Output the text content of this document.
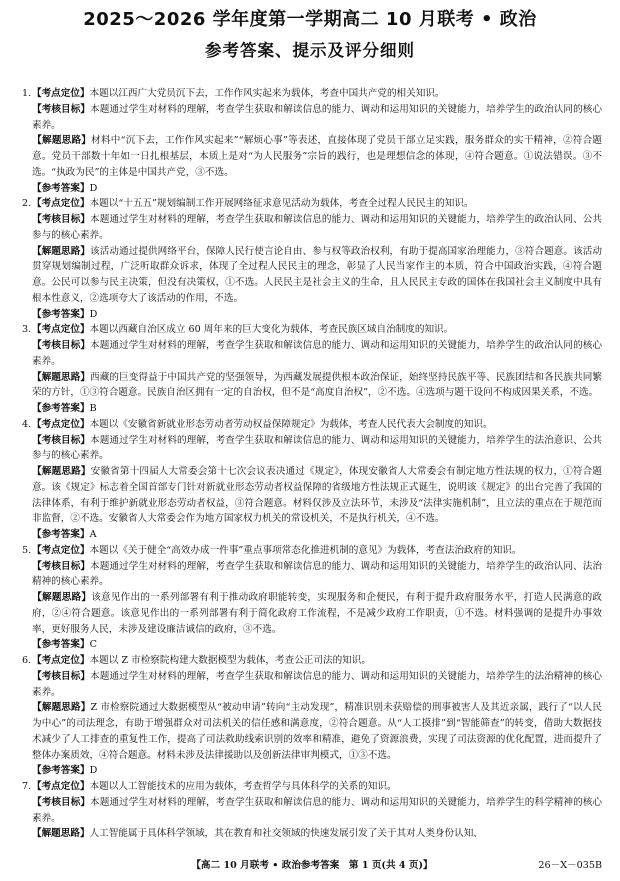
2025～2026 学年度第一学期高二 10 月联考 • 政治
参考答案、提示及评分细则

1.【考点定位】本题以江西广大党员沉下去，工作作风实起来为载体，考查中国共产党的相关知识。

【考核目标】本题通过学生对材料的理解，考查学生获取和解读信息的能力、调动和运用知识的关键能力，培养学生的政治认同的核心素养。

【解题思路】材料中“沉下去，工作作风实起来”“解烦心事”等表述，直接体现了党员干部立足实践，服务群众的实干精神，②符合题意。党员干部数十年如一日扎根基层，本质上是对“为人民服务”宗旨的践行，也是理想信念的体现，④符合题意。①说法错误。③不选。“执政为民”的主体是中国共产党，③不选。

【参考答案】D

2.【考点定位】本题以“十五五”规划编制工作开展网络征求意见活动为载体，考查全过程人民民主的知识。

【考核目标】本题通过学生对材料的理解，考查学生获取和解读信息的能力、调动和运用知识的关键能力，培养学生的政治认同、公共参与的核心素养。

【解题思路】该活动通过提供网络平台，保障人民行使言论自由、参与权等政治权利，有助于提高国家治理能力，③符合题意。该活动贯穿规划编制过程，广泛听取群众诉求，体现了全过程人民民主的理念，彰显了人民当家作主的本质，符合中国政治实践，④符合题意。公民可以参与民主决策，但没有决策权，①不选。人民民主是社会主义的生命，且人民民主专政的国体在我国社会主义制度中具有根本性意义，②选项夸大了该活动的作用，不选。

【参考答案】D

3.【考点定位】本题以西藏自治区成立 60 周年来的巨大变化为载体，考查民族区域自治制度的知识。

【考核目标】本题通过学生对材料的理解，考查学生获取和解读信息的能力、调动和运用知识的关键能力，培养学生的政治认同的核心素养。

【解题思路】西藏的巨变得益于中国共产党的坚强领导，为西藏发展提供根本政治保证，始终坚持民族平等、民族团结和各民族共同繁荣的方针，①③符合题意。民族自治区拥有一定的自治权，但不是“高度自治权”，②不选。④选项与题干设问不构成因果关系，不选。

【参考答案】B

4.【考点定位】本题以《安徽省新就业形态劳动者劳动权益保障规定》为载体，考查人民代表大会制度的知识。

【考核目标】本题通过学生对材料的理解，考查学生获取和解读信息的能力、调动和运用知识的关键能力，培养学生的法治意识、公共参与的核心素养。

【解题思路】安徽省第十四届人大常委会第十七次会议表决通过《规定》，体现安徽省人大常委会有制定地方性法规的权力，①符合题意。该《规定》标志着全国首部专门针对新就业形态劳动者权益保障的省级地方性法规正式诞生，说明该《规定》的出台完善了我国的法律体系，有利于维护新就业形态劳动者权益，③符合题意。材料仅涉及立法环节，未涉及“法律实施机制”，且立法的重点在于规范而非监督，②不选。安徽省人大常委会作为地方国家权力机关的常设机关，不是执行机关，④不选。

【参考答案】A

5.【考点定位】本题以《关于健全“高效办成一件事”重点事项常态化推进机制的意见》为载体，考查法治政府的知识。

【考核目标】本题通过学生对材料的理解，考查学生获取和解读信息的能力、调动和运用知识的关键能力，培养学生的政治认同、法治精神的核心素养。

【解题思路】该意见作出的一系列部署有利于推动政府职能转变，实现服务和企便民，有利于提升政府服务水平，打造人民满意的政府，②④符合题意。该意见作出的一系列部署有利于简化政府工作流程，不是减少政府工作职责，①不选。材料强调的是提升办事效率，更好服务人民，未涉及建设廉洁诚信的政府，③不选。

【参考答案】C

6.【考点定位】本题以 Z 市检察院构建大数据模型为载体，考查公正司法的知识。

【考核目标】本题通过学生对材料的理解，考查学生获取和解读信息的能力、调动和运用知识的关键能力，培养学生的法治精神的核心素养。

【解题思路】Z 市检察院通过大数据模型从“被动申请”转向“主动发现”，精准识别未获赔偿的刑事被害人及其近亲属，践行了“以人民为中心”的司法理念，有助于增强群众对司法机关的信任感和满意度，②符合题意。从“人工摸排”到“智能筛查”的转变，借助大数据技术减少了人工排查的重复性工作，提高了司法救助线索识别的效率和精准，避免了资源浪费，实现了司法资源的优化配置，进而提升了整体办案质效，④符合题意。材料未涉及法律援助以及创新法律审判模式，①③不选。

【参考答案】D

7.【考点定位】本题以人工智能技术的应用为载体，考查哲学与具体科学的关系的知识。

【考核目标】本题通过学生对材料的理解，考查学生获取和解读信息的能力、调动和运用知识的关键能力，培养学生的科学精神的核心素养。

【解题思路】人工智能属于具体科学领域，其在教育和社交领域的快速发展引发了关于其对人类身份认知、

【高二 10 月联考 • 政治参考答案　第 1 页(共 4 页)】	26－X－035B
